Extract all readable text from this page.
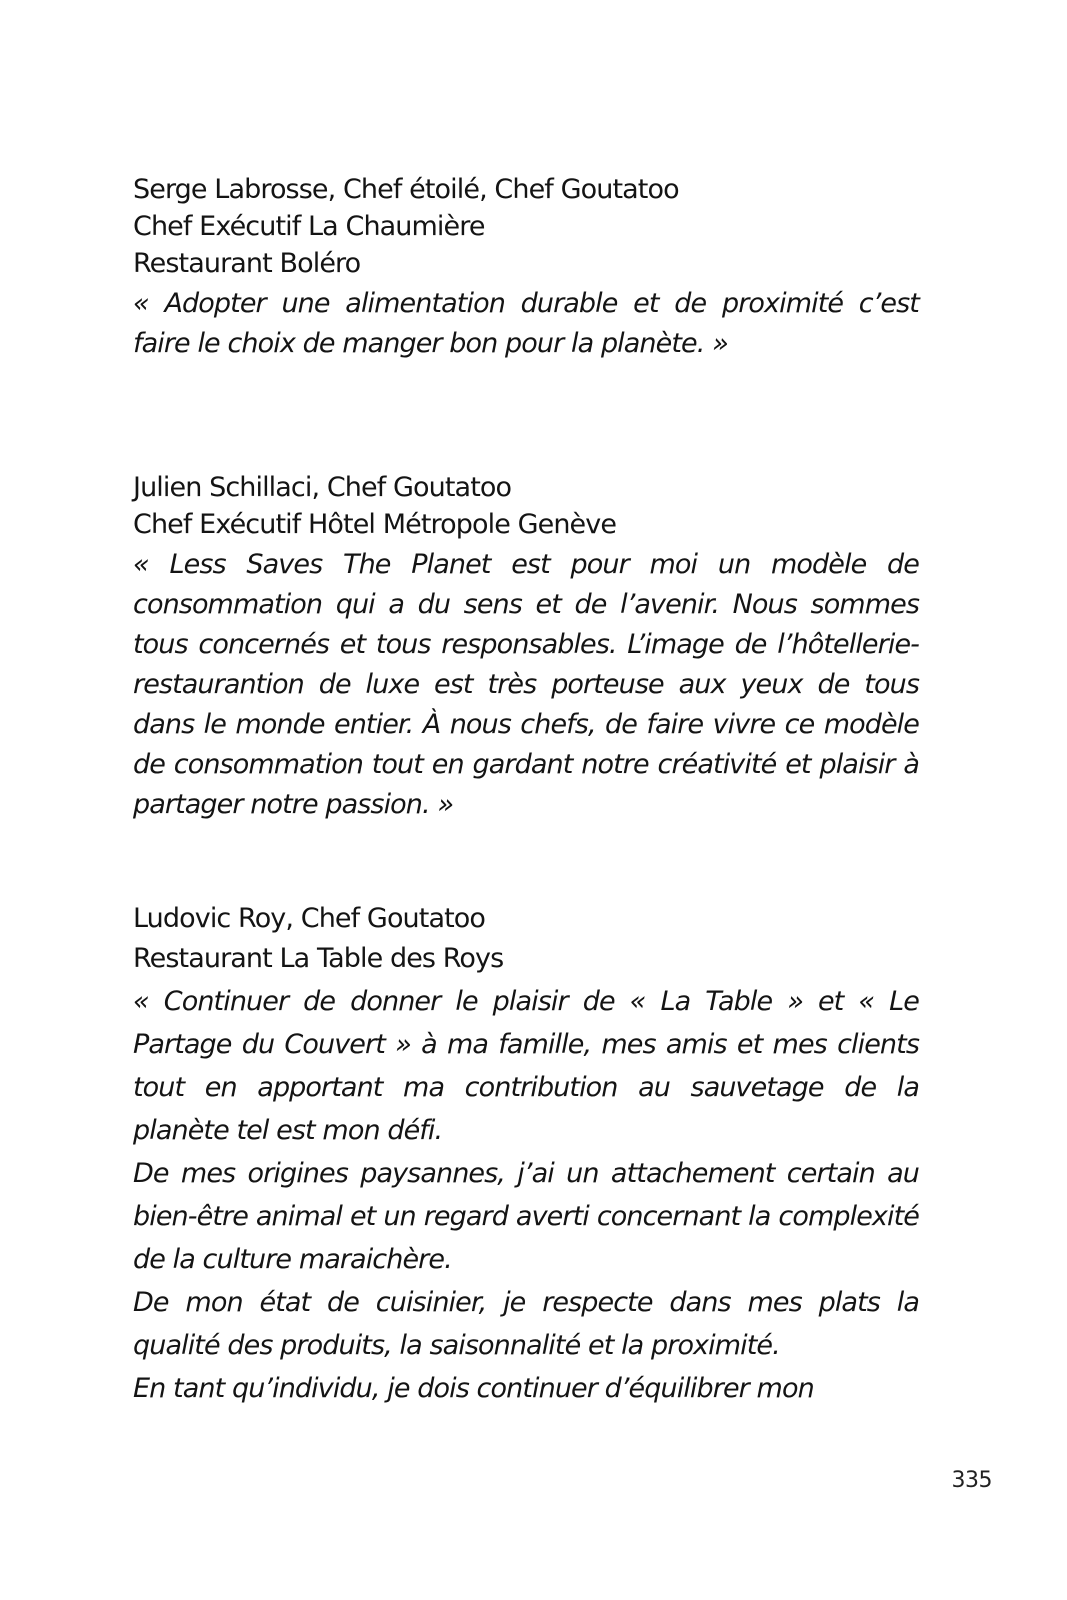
Serge Labrosse, Chef étoilé, Chef Goutatoo
Chef Exécutif La Chaumière
Restaurant Boléro

« Adopter une alimentation durable et de proximité c’est faire le choix de manger bon pour la planète. »

Julien Schillaci, Chef Goutatoo
Chef Exécutif Hôtel Métropole Genève

« Less Saves The Planet est pour moi un modèle de consommation qui a du sens et de l’avenir. Nous sommes tous concernés et tous responsables. L’image de l’hôtellerie-restaurantion de luxe est très porteuse aux yeux de tous dans le monde entier. À nous chefs, de faire vivre ce modèle de consommation tout en gardant notre créativité et plaisir à partager notre passion. »

Ludovic Roy, Chef Goutatoo
Restaurant La Table des Roys

« Continuer de donner le plaisir de « La Table » et « Le Partage du Couvert » à ma famille, mes amis et mes clients tout en apportant ma contribution au sauvetage de la planète tel est mon défi.
De mes origines paysannes, j’ai un attachement certain au bien-être animal et un regard averti concernant la complexité de la culture maraichère.
De mon état de cuisinier, je respecte dans mes plats la qualité des produits, la saisonnalité et la proximité.
En tant qu’individu, je dois continuer d’équilibrer mon

335
